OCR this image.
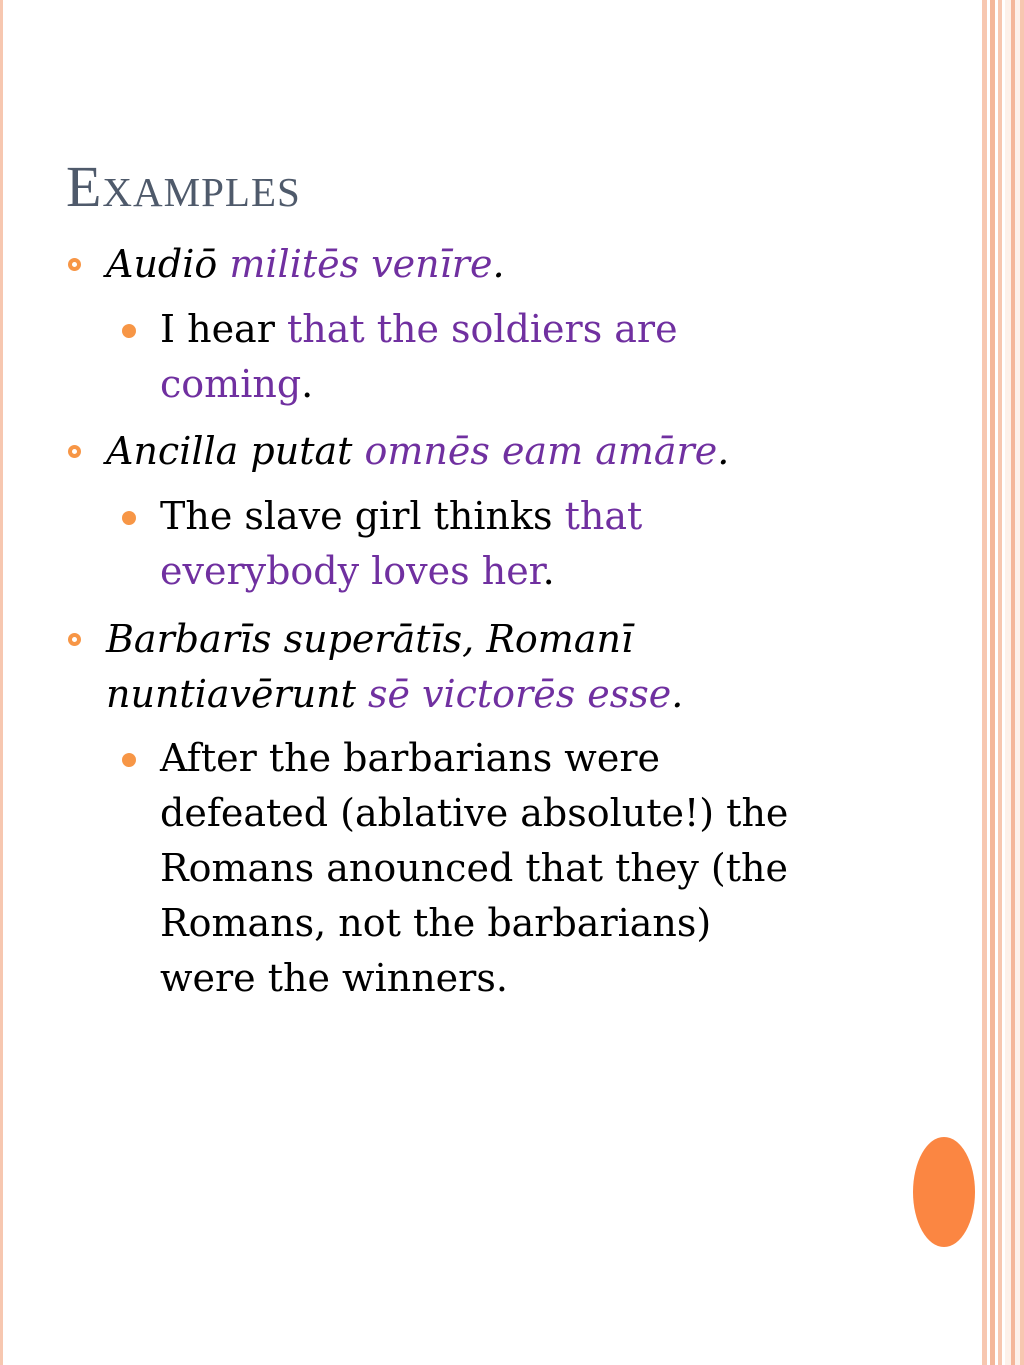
Examples
Audiō militēs venīre.
I hear that the soldiers are coming.
Ancilla putat omnēs eam amāre.
The slave girl thinks that everybody loves her.
Barbarīs superātīs, Romanī
nuntiavērunt sē victorēs esse.
After the barbarians were
defeated (ablative absolute!) the
Romans anounced that they (the
Romans, not the barbarians)
were the winners.
